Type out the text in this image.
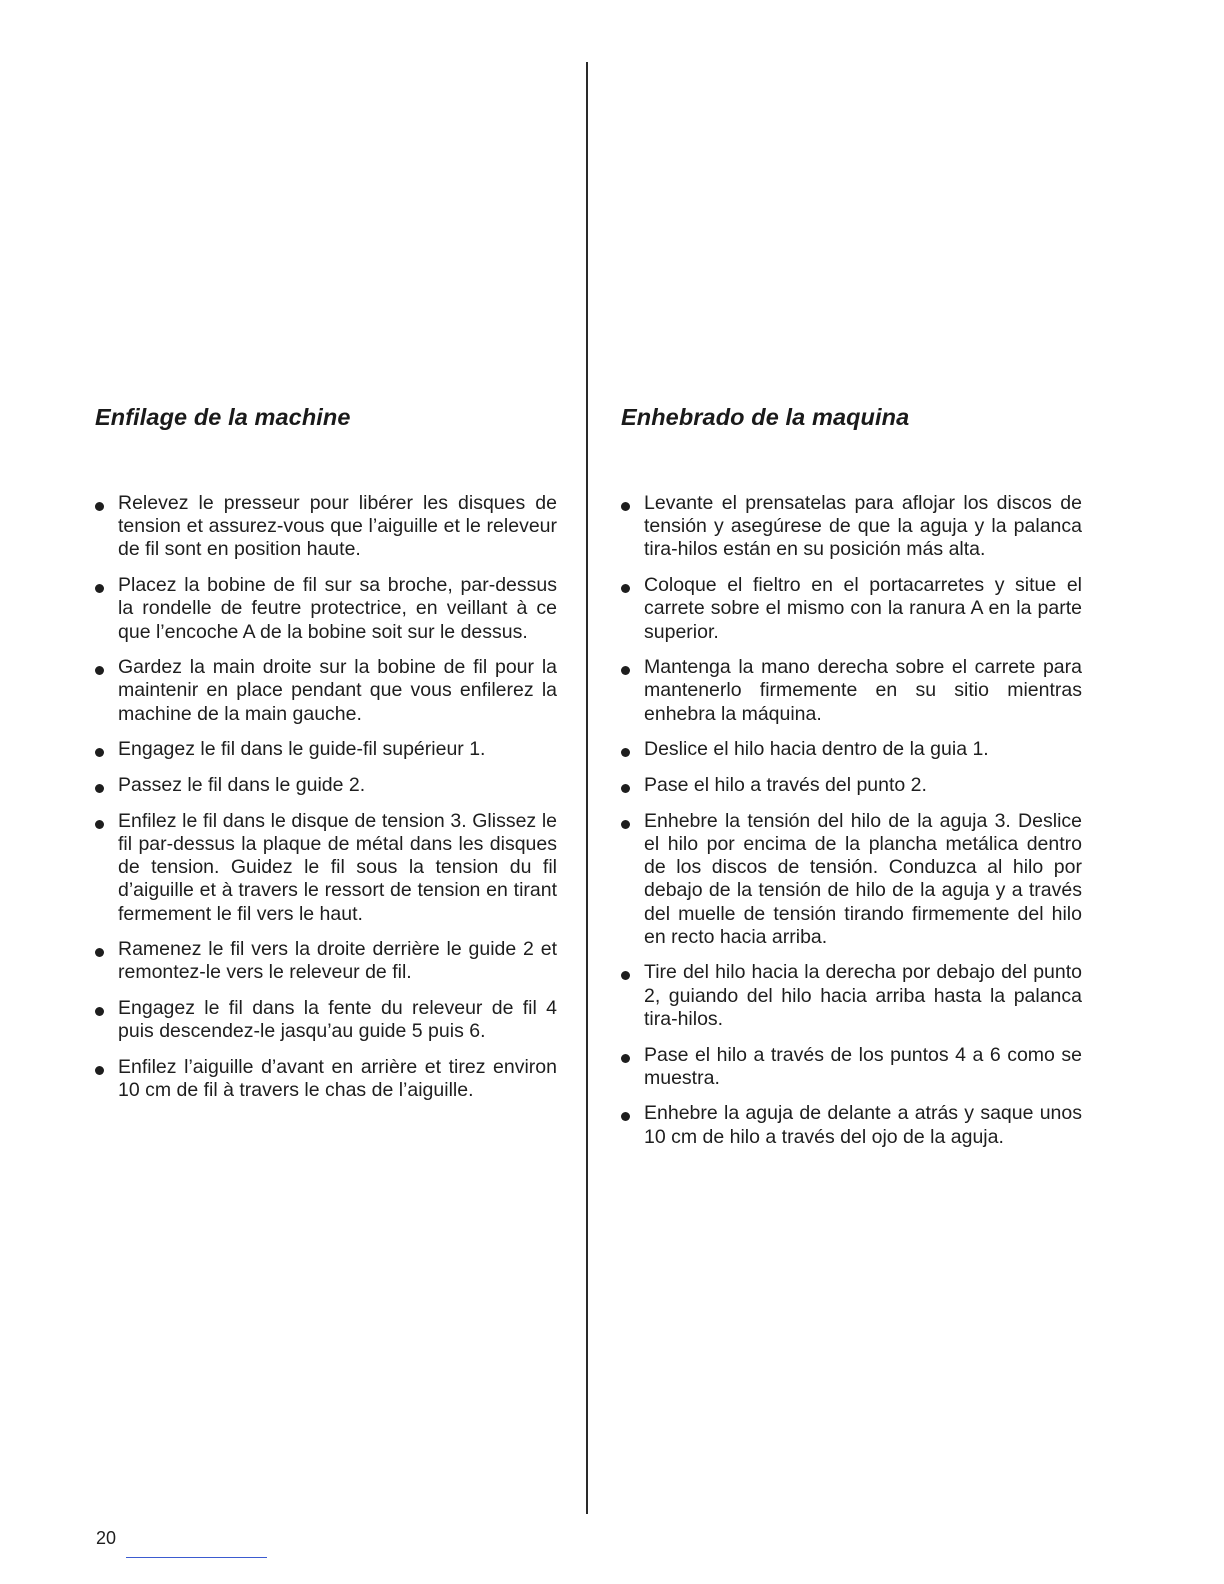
Enfilage de la machine
Relevez le presseur pour libérer les disques de tension et assurez-vous que l’aiguille et le releveur de fil sont en position haute.
Placez la bobine de fil sur sa broche, par-dessus la rondelle de feutre protectrice, en veillant à ce que l’encoche A de la bobine soit sur le dessus.
Gardez la main droite sur la bobine de fil pour la maintenir en place pendant que vous enfilerez la machine de la main gauche.
Engagez le fil dans le guide-fil supérieur 1.
Passez le fil dans le guide 2.
Enfilez le fil dans le disque de tension 3. Glissez le fil par-dessus la plaque de métal dans les disques de tension. Guidez le fil sous la tension du fil d’aiguille et à travers le ressort de tension en tirant fermement le fil vers le haut.
Ramenez le fil vers la droite derrière le guide 2 et remontez-le vers le releveur de fil.
Engagez le fil dans la fente du releveur de fil 4 puis descendez-le jasqu’au guide 5 puis 6.
Enfilez l’aiguille d’avant en arrière et tirez environ 10 cm de fil à travers le chas de l’aiguille.
Enhebrado de la maquina
Levante el prensatelas para aflojar los discos de tensión y asegúrese de que la aguja y la palanca tira-hilos están en su posición más alta.
Coloque el fieltro en el portacarretes y situe el carrete sobre el mismo con la ranura A en la parte superior.
Mantenga la mano derecha sobre el carrete para mantenerlo firmemente en su sitio mientras enhebra la máquina.
Deslice el hilo hacia dentro de la guia 1.
Pase el hilo a través del punto 2.
Enhebre la tensión del hilo de la aguja 3. Deslice el hilo por encima de la plancha metálica dentro de los discos de tensión. Conduzca al hilo por debajo de la tensión de hilo de la aguja y a través del muelle de tensión tirando firmemente del hilo en recto hacia arriba.
Tire del hilo hacia la derecha por debajo del punto 2, guiando del hilo hacia arriba hasta la palanca tira-hilos.
Pase el hilo a través de los puntos 4 a 6 como se muestra.
Enhebre la aguja de delante a atrás y saque unos 10 cm de hilo a través del ojo de la aguja.
20
